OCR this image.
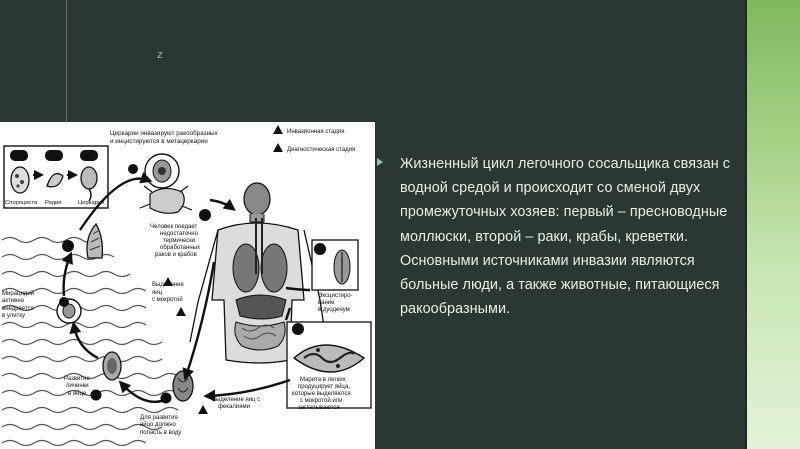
z
4a	4b	4c
Спороциста Редия	Церкария
Церкарии инвазируют ракообразных
и инцистируются в метацеркарии
i Инвазионная стадия
d Диагностическая стадия
5
6
Человек поедает
недостаточно
термически
обработанных
раков и крабов
Выделение
яиц
с мокротой
d
7
Эксцистиро-
вание
в дуоденум
8
Марита в легких
продуцирует яйца,
которые выделяются
с мокротой или
заглатываются
4
3
Мирацидий
активно
внедряется
в улитку
Развитие
личинки
в яйце 2	1
d
Выделение яиц с
фекалиями
Для развития
яйцо должно
попасть в воду
Жизненный цикл легочного сосальщика связан с водной средой и происходит со сменой двух промежуточных хозяев: первый – пресноводные моллюски, второй – раки, крабы, креветки. Основными источниками инвазии являются больные люди, а также животные, питающиеся ракообразными.
